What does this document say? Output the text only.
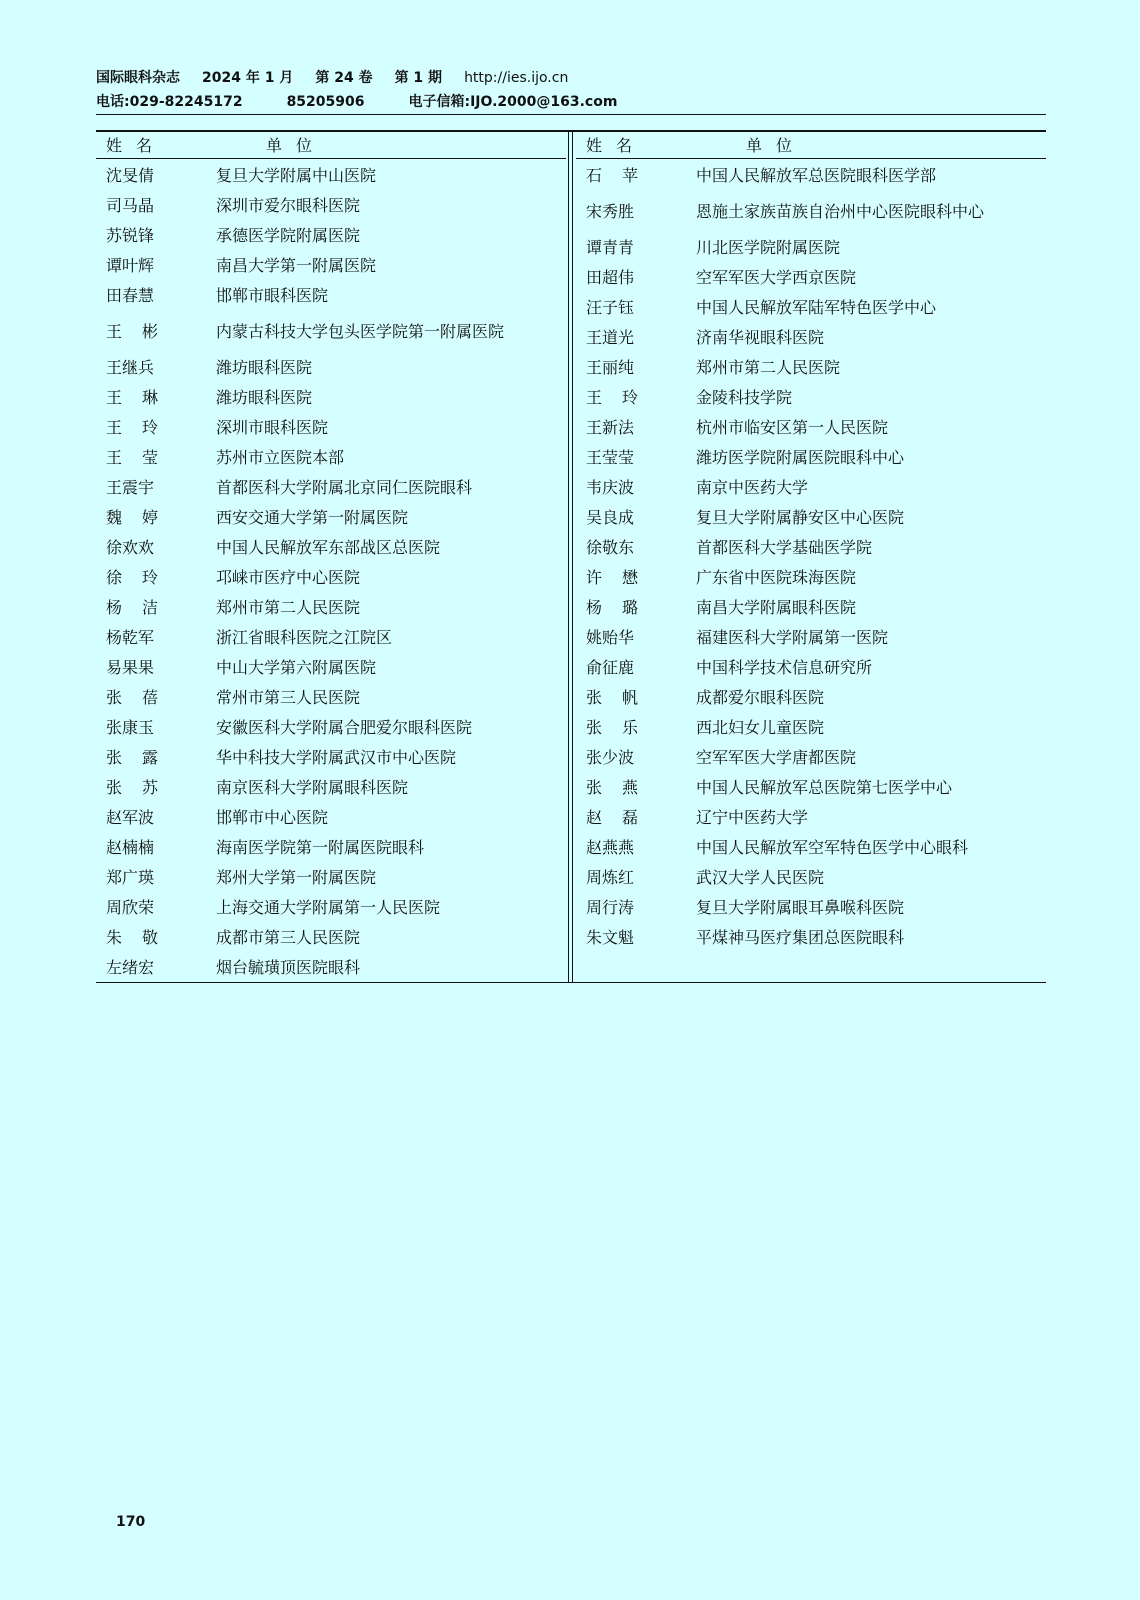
国际眼科杂志 2024 年 1 月 第 24 卷 第 1 期 http://ies.ijo.cn
电话:029-82245172	85205906	电子信箱:IJO.2000@163.com
姓名	单位
沈旻倩	复旦大学附属中山医院
司马晶	深圳市爱尔眼科医院
苏锐锋	承德医学院附属医院
谭叶辉	南昌大学第一附属医院
田春慧	邯郸市眼科医院
王彬	内蒙古科技大学包头医学院第一附属医院
王继兵	潍坊眼科医院
王琳	潍坊眼科医院
王玲	深圳市眼科医院
王莹	苏州市立医院本部
王震宇	首都医科大学附属北京同仁医院眼科
魏婷	西安交通大学第一附属医院
徐欢欢	中国人民解放军东部战区总医院
徐玲	邛崃市医疗中心医院
杨洁	郑州市第二人民医院
杨乾军	浙江省眼科医院之江院区
易果果	中山大学第六附属医院
张蓓	常州市第三人民医院
张康玉	安徽医科大学附属合肥爱尔眼科医院
张露	华中科技大学附属武汉市中心医院
张苏	南京医科大学附属眼科医院
赵军波	邯郸市中心医院
赵楠楠	海南医学院第一附属医院眼科
郑广瑛	郑州大学第一附属医院
周欣荣	上海交通大学附属第一人民医院
朱敬	成都市第三人民医院
左绪宏	烟台毓璜顶医院眼科
姓名	单位
石苹	中国人民解放军总医院眼科医学部
宋秀胜	恩施土家族苗族自治州中心医院眼科中心
谭青青	川北医学院附属医院
田超伟	空军军医大学西京医院
汪子钰	中国人民解放军陆军特色医学中心
王道光	济南华视眼科医院
王丽纯	郑州市第二人民医院
王玲	金陵科技学院
王新法	杭州市临安区第一人民医院
王莹莹	潍坊医学院附属医院眼科中心
韦庆波	南京中医药大学
吴良成	复旦大学附属静安区中心医院
徐敬东	首都医科大学基础医学院
许懋	广东省中医院珠海医院
杨璐	南昌大学附属眼科医院
姚贻华	福建医科大学附属第一医院
俞征鹿	中国科学技术信息研究所
张帆	成都爱尔眼科医院
张乐	西北妇女儿童医院
张少波	空军军医大学唐都医院
张燕	中国人民解放军总医院第七医学中心
赵磊	辽宁中医药大学
赵燕燕	中国人民解放军空军特色医学中心眼科
周炼红	武汉大学人民医院
周行涛	复旦大学附属眼耳鼻喉科医院
朱文魁	平煤神马医疗集团总医院眼科
170
